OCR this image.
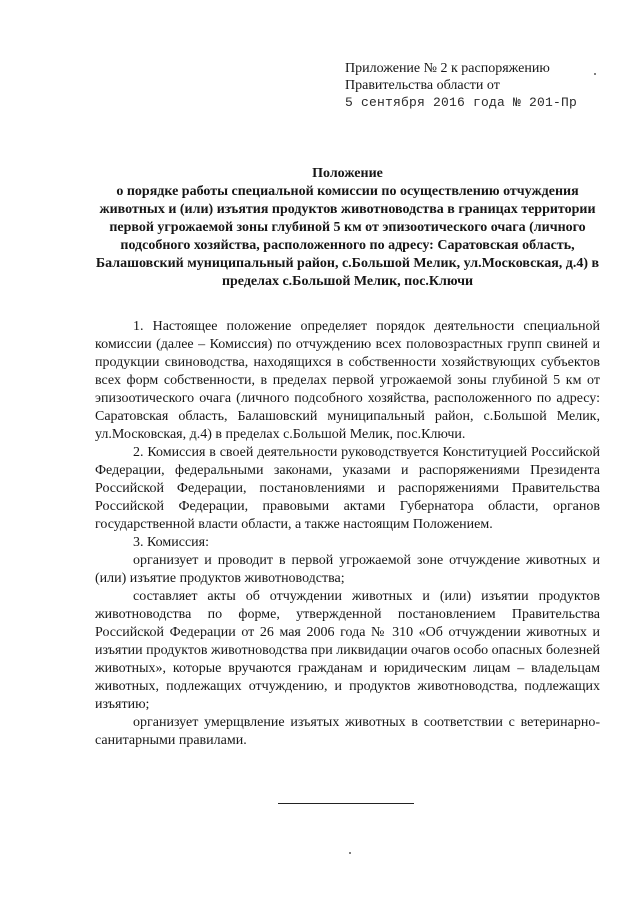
Приложение № 2 к распоряжению
Правительства области от
5 сентября 2016 года № 201-Пр
Положение
о порядке работы специальной комиссии по осуществлению отчуждения животных и (или) изъятия продуктов животноводства в границах территории первой угрожаемой зоны глубиной 5 км от эпизоотического очага (личного подсобного хозяйства, расположенного по адресу: Саратовская область, Балашовский муниципальный район, с.Большой Мелик, ул.Московская, д.4) в пределах с.Большой Мелик, пос.Ключи

1. Настоящее положение определяет порядок деятельности специальной комиссии (далее – Комиссия) по отчуждению всех половозрастных групп свиней и продукции свиноводства, находящихся в собственности хозяйствующих субъектов всех форм собственности, в пределах первой угрожаемой зоны глубиной 5 км от эпизоотического очага (личного подсобного хозяйства, расположенного по адресу: Саратовская область, Балашовский муниципальный район, с.Большой Мелик, ул.Московская, д.4) в пределах с.Большой Мелик, пос.Ключи.

2. Комиссия в своей деятельности руководствуется Конституцией Российской Федерации, федеральными законами, указами и распоряжениями Президента Российской Федерации, постановлениями и распоряжениями Правительства Российской Федерации, правовыми актами Губернатора области, органов государственной власти области, а также настоящим Положением.

3. Комиссия:

организует и проводит в первой угрожаемой зоне отчуждение животных и (или) изъятие продуктов животноводства;

составляет акты об отчуждении животных и (или) изъятии продуктов животноводства по форме, утвержденной постановлением Правительства Российской Федерации от 26 мая 2006 года № 310 «Об отчуждении животных и изъятии продуктов животноводства при ликвидации очагов особо опасных болезней животных», которые вручаются гражданам и юридическим лицам – владельцам животных, подлежащих отчуждению, и продуктов животноводства, подлежащих изъятию;

организует умерщвление изъятых животных в соответствии с ветеринарно-санитарными правилами.
